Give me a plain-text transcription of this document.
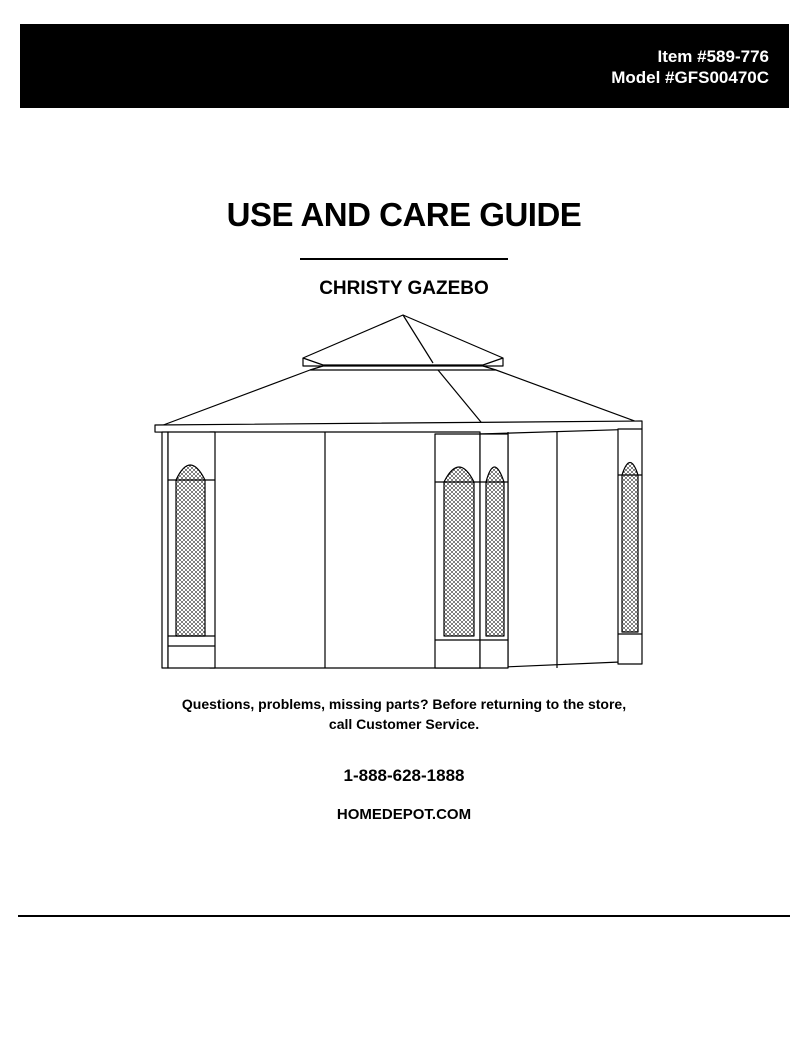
Item #589-776
Model #GFS00470C
USE AND CARE GUIDE
CHRISTY GAZEBO
Questions, problems, missing parts? Before returning to the store,
call Customer Service.
1-888-628-1888
HOMEDEPOT.COM
